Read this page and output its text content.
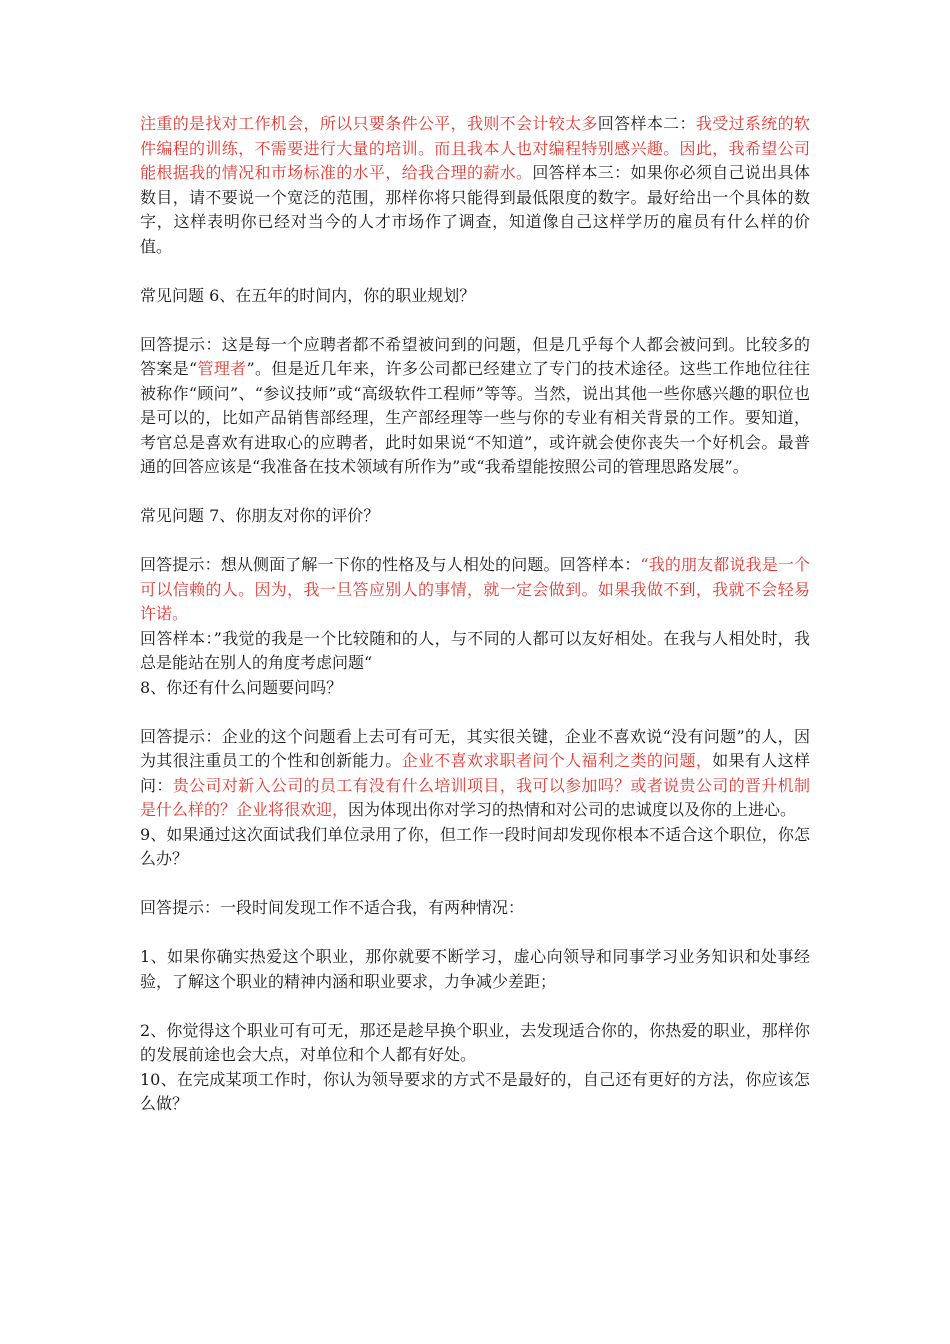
注重的是找对工作机会，所以只要条件公平，我则不会计较太多回答样本二：我受过系统的软件编程的训练，不需要进行大量的培训。而且我本人也对编程特别感兴趣。因此，我希望公司能根据我的情况和市场标准的水平，给我合理的薪水。回答样本三：如果你必须自己说出具体数目，请不要说一个宽泛的范围，那样你将只能得到最低限度的数字。最好给出一个具体的数字，这样表明你已经对当今的人才市场作了调查，知道像自己这样学历的雇员有什么样的价值。

常见问题 6、在五年的时间内，你的职业规划？

回答提示：这是每一个应聘者都不希望被问到的问题，但是几乎每个人都会被问到。比较多的答案是“管理者”。但是近几年来，许多公司都已经建立了专门的技术途径。这些工作地位往往被称作“顾问”、“参议技师”或“高级软件工程师”等等。当然，说出其他一些你感兴趣的职位也是可以的，比如产品销售部经理，生产部经理等一些与你的专业有相关背景的工作。要知道，考官总是喜欢有进取心的应聘者，此时如果说“不知道”，或许就会使你丧失一个好机会。最普通的回答应该是“我准备在技术领域有所作为”或“我希望能按照公司的管理思路发展”。

常见问题 7、你朋友对你的评价？

回答提示：想从侧面了解一下你的性格及与人相处的问题。回答样本：“我的朋友都说我是一个可以信赖的人。因为，我一旦答应别人的事情，就一定会做到。如果我做不到，我就不会轻易许诺。

回答样本：”我觉的我是一个比较随和的人，与不同的人都可以友好相处。在我与人相处时，我总是能站在别人的角度考虑问题“

8、你还有什么问题要问吗？

回答提示：企业的这个问题看上去可有可无，其实很关键，企业不喜欢说“没有问题”的人，因为其很注重员工的个性和创新能力。企业不喜欢求职者问个人福利之类的问题，如果有人这样问：贵公司对新入公司的员工有没有什么培训项目，我可以参加吗？或者说贵公司的晋升机制是什么样的？企业将很欢迎，因为体现出你对学习的热情和对公司的忠诚度以及你的上进心。

9、如果通过这次面试我们单位录用了你，但工作一段时间却发现你根本不适合这个职位，你怎么办？

回答提示：一段时间发现工作不适合我，有两种情况：

1、如果你确实热爱这个职业，那你就要不断学习，虚心向领导和同事学习业务知识和处事经验，了解这个职业的精神内涵和职业要求，力争减少差距；

2、你觉得这个职业可有可无，那还是趁早换个职业，去发现适合你的，你热爱的职业，那样你的发展前途也会大点，对单位和个人都有好处。

10、在完成某项工作时，你认为领导要求的方式不是最好的，自己还有更好的方法，你应该怎么做？
